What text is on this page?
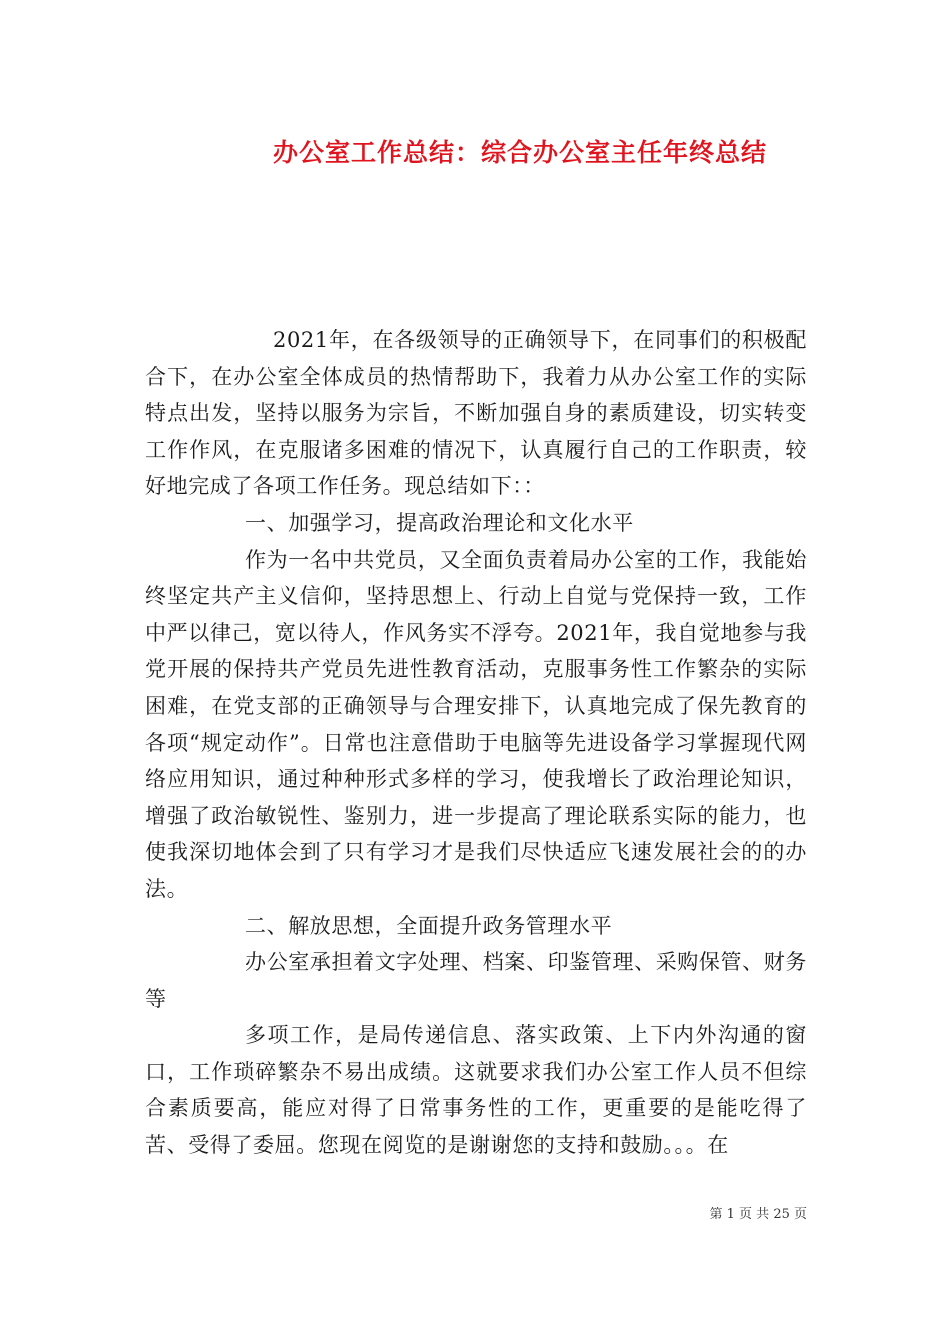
办公室工作总结：综合办公室主任年终总结

2021年，在各级领导的正确领导下，在同事们的积极配合下，在办公室全体成员的热情帮助下，我着力从办公室工作的实际特点出发，坚持以服务为宗旨，不断加强自身的素质建设，切实转变工作作风，在克服诸多困难的情况下，认真履行自己的工作职责，较好地完成了各项工作任务。现总结如下：：

一、加强学习，提高政治理论和文化水平

作为一名中共党员，又全面负责着局办公室的工作，我能始终坚定共产主义信仰，坚持思想上、行动上自觉与党保持一致，工作中严以律己，宽以待人，作风务实不浮夸。2021年，我自觉地参与我党开展的保持共产党员先进性教育活动，克服事务性工作繁杂的实际困难，在党支部的正确领导与合理安排下，认真地完成了保先教育的各项“规定动作”。日常也注意借助于电脑等先进设备学习掌握现代网络应用知识，通过种种形式多样的学习，使我增长了政治理论知识，增强了政治敏锐性、鉴别力，进一步提高了理论联系实际的能力，也使我深切地体会到了只有学习才是我们尽快适应飞速发展社会的的办法。

二、解放思想，全面提升政务管理水平

办公室承担着文字处理、档案、印鉴管理、采购保管、财务等

多项工作，是局传递信息、落实政策、上下内外沟通的窗口，工作琐碎繁杂不易出成绩。这就要求我们办公室工作人员不但综合素质要高，能应对得了日常事务性的工作，更重要的是能吃得了苦、受得了委屈。您现在阅览的是谢谢您的支持和鼓励。。。在

第 1 页 共 25 页
